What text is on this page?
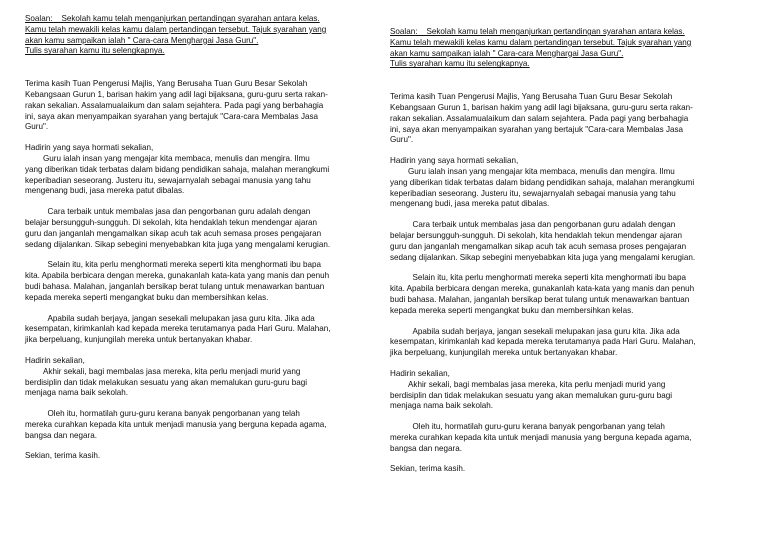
Soalan:    Sekolah kamu telah menganjurkan pertandingan syarahan antara kelas.
Kamu telah mewakili kelas kamu dalam pertandingan tersebut. Tajuk syarahan yang
akan kamu sampaikan ialah " Cara-cara Menghargai Jasa Guru".
Tulis syarahan kamu itu selengkapnya.
Terima kasih Tuan Pengerusi Majlis, Yang Berusaha Tuan Guru Besar Sekolah
Kebangsaan Gurun 1, barisan hakim yang adil lagi bijaksana, guru-guru serta rakan-
rakan sekalian. Assalamualaikum dan salam sejahtera. Pada pagi yang berbahagia
ini, saya akan menyampaikan syarahan yang bertajuk "Cara-cara Membalas Jasa
Guru".
Hadirin yang saya hormati sekalian,
Guru ialah insan yang mengajar kita membaca, menulis dan mengira. Ilmu
yang diberikan tidak terbatas dalam bidang pendidikan sahaja, malahan merangkumi
keperibadian seseorang. Justeru itu, sewajarnyalah sebagai manusia yang tahu
mengenang budi, jasa mereka patut dibalas.
Cara terbaik untuk membalas jasa dan pengorbanan guru adalah dengan
belajar bersungguh-sungguh. Di sekolah, kita hendaklah tekun mendengar ajaran
guru dan janganlah mengamalkan sikap acuh tak acuh semasa proses pengajaran
sedang dijalankan. Sikap sebegini menyebabkan kita juga yang mengalami kerugian.
Selain itu, kita perlu menghormati mereka seperti kita menghormati ibu bapa
kita. Apabila berbicara dengan mereka, gunakanlah kata-kata yang manis dan penuh
budi bahasa. Malahan, janganlah bersikap berat tulang untuk menawarkan bantuan
kepada mereka seperti mengangkat buku dan membersihkan kelas.
Apabila sudah berjaya, jangan sesekali melupakan jasa guru kita. Jika ada
kesempatan, kirimkanlah kad kepada mereka terutamanya pada Hari Guru. Malahan,
jika berpeluang, kunjungilah mereka untuk bertanyakan khabar.
Hadirin sekalian,
Akhir sekali, bagi membalas jasa mereka, kita perlu menjadi murid yang
berdisiplin dan tidak melakukan sesuatu yang akan memalukan guru-guru bagi
menjaga nama baik sekolah.
Oleh itu, hormatilah guru-guru kerana banyak pengorbanan yang telah
mereka curahkan kepada kita untuk menjadi manusia yang berguna kepada agama,
bangsa dan negara.
Sekian, terima kasih.
Soalan:    Sekolah kamu telah menganjurkan pertandingan syarahan antara kelas.
Kamu telah mewakili kelas kamu dalam pertandingan tersebut. Tajuk syarahan yang
akan kamu sampaikan ialah " Cara-cara Menghargai Jasa Guru".
Tulis syarahan kamu itu selengkapnya.
Terima kasih Tuan Pengerusi Majlis, Yang Berusaha Tuan Guru Besar Sekolah
Kebangsaan Gurun 1, barisan hakim yang adil lagi bijaksana, guru-guru serta rakan-
rakan sekalian. Assalamualaikum dan salam sejahtera. Pada pagi yang berbahagia
ini, saya akan menyampaikan syarahan yang bertajuk "Cara-cara Membalas Jasa
Guru".
Hadirin yang saya hormati sekalian,
Guru ialah insan yang mengajar kita membaca, menulis dan mengira. Ilmu
yang diberikan tidak terbatas dalam bidang pendidikan sahaja, malahan merangkumi
keperibadian seseorang. Justeru itu, sewajarnyalah sebagai manusia yang tahu
mengenang budi, jasa mereka patut dibalas.
Cara terbaik untuk membalas jasa dan pengorbanan guru adalah dengan
belajar bersungguh-sungguh. Di sekolah, kita hendaklah tekun mendengar ajaran
guru dan janganlah mengamalkan sikap acuh tak acuh semasa proses pengajaran
sedang dijalankan. Sikap sebegini menyebabkan kita juga yang mengalami kerugian.
Selain itu, kita perlu menghormati mereka seperti kita menghormati ibu bapa
kita. Apabila berbicara dengan mereka, gunakanlah kata-kata yang manis dan penuh
budi bahasa. Malahan, janganlah bersikap berat tulang untuk menawarkan bantuan
kepada mereka seperti mengangkat buku dan membersihkan kelas.
Apabila sudah berjaya, jangan sesekali melupakan jasa guru kita. Jika ada
kesempatan, kirimkanlah kad kepada mereka terutamanya pada Hari Guru. Malahan,
jika berpeluang, kunjungilah mereka untuk bertanyakan khabar.
Hadirin sekalian,
Akhir sekali, bagi membalas jasa mereka, kita perlu menjadi murid yang
berdisiplin dan tidak melakukan sesuatu yang akan memalukan guru-guru bagi
menjaga nama baik sekolah.
Oleh itu, hormatilah guru-guru kerana banyak pengorbanan yang telah
mereka curahkan kepada kita untuk menjadi manusia yang berguna kepada agama,
bangsa dan negara.
Sekian, terima kasih.
